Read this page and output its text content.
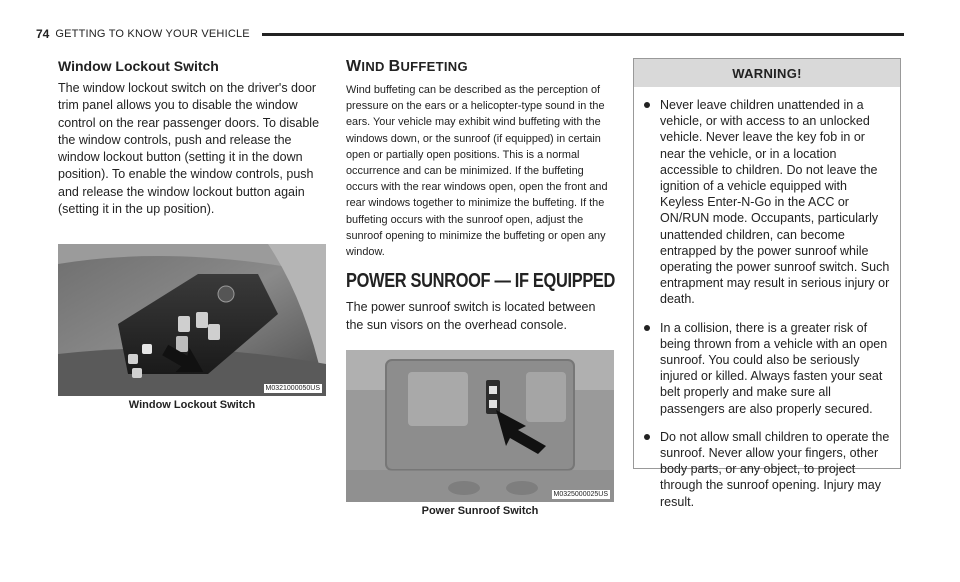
74 GETTING TO KNOW YOUR VEHICLE
Window Lockout Switch

The window lockout switch on the driver's door trim panel allows you to disable the window control on the rear passenger doors. To disable the window controls, push and release the window lockout button (setting it in the down position). To enable the window controls, push and release the window lockout button again (setting it in the up position).

M0321000050US
Window Lockout Switch
WIND BUFFETING

Wind buffeting can be described as the perception of pressure on the ears or a helicopter-type sound in the ears. Your vehicle may exhibit wind buffeting with the windows down, or the sunroof (if equipped) in certain open or partially open positions. This is a normal occurrence and can be minimized. If the buffeting occurs with the rear windows open, open the front and rear windows together to minimize the buffeting. If the buffeting occurs with the sunroof open, adjust the sunroof opening to minimize the buffeting or open any window.

POWER SUNROOF — IF EQUIPPED

The power sunroof switch is located between the sun visors on the overhead console.

M0325000025US
Power Sunroof Switch
WARNING!
Never leave children unattended in a vehicle, or with access to an unlocked vehicle. Never leave the key fob in or near the vehicle, or in a location accessible to children. Do not leave the ignition of a vehicle equipped with Keyless Enter-N-Go in the ACC or ON/RUN mode. Occupants, particularly unattended children, can become entrapped by the power sunroof while operating the power sunroof switch. Such entrapment may result in serious injury or death.
In a collision, there is a greater risk of being thrown from a vehicle with an open sunroof. You could also be seriously injured or killed. Always fasten your seat belt properly and make sure all passengers are also properly secured.
Do not allow small children to operate the sunroof. Never allow your fingers, other body parts, or any object, to project through the sunroof opening. Injury may result.
